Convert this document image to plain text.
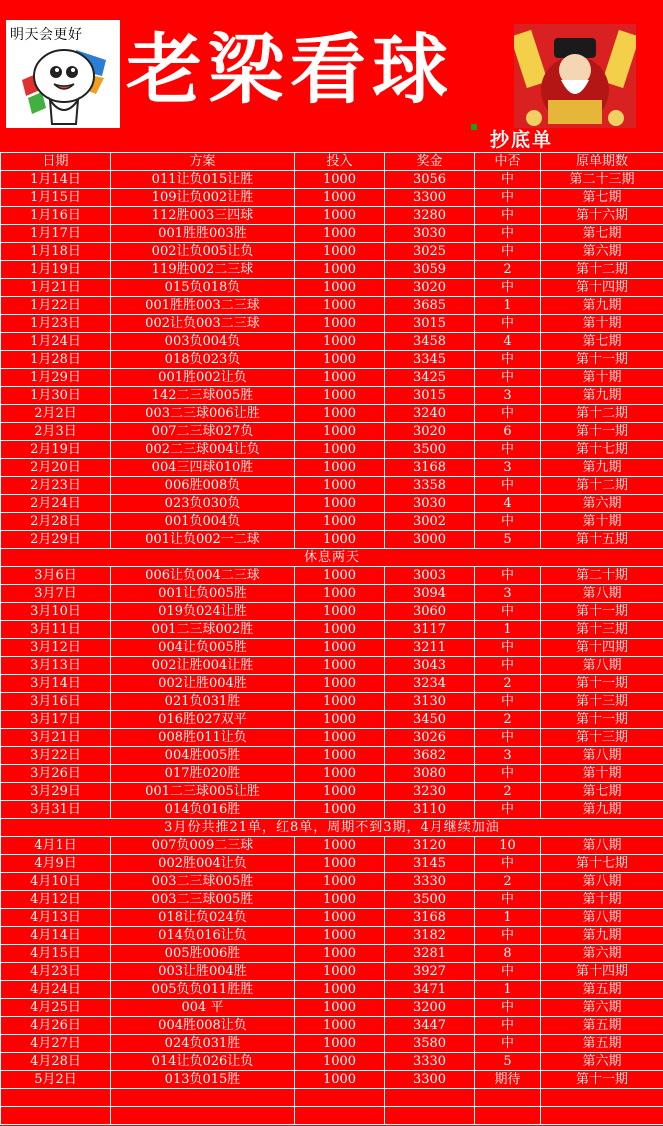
明天会更好 老梁看球
抄底单
日期	方案	投入	奖金	中否	原单期数
1月14日	011让负015让胜	1000	3056	中	第二十三期
1月15日	109让负002让胜	1000	3300	中	第七期
1月16日	112胜003三四球	1000	3280	中	第十六期
1月17日	001胜胜003胜	1000	3030	中	第七期
1月18日	002让负005让负	1000	3025	中	第六期
1月19日	119胜002二三球	1000	3059	2	第十二期
1月21日	015负018负	1000	3020	中	第十四期
1月22日	001胜胜003二三球	1000	3685	1	第九期
1月23日	002让负003二三球	1000	3015	中	第十期
1月24日	003负004负	1000	3458	4	第七期
1月28日	018负023负	1000	3345	中	第十一期
1月29日	001胜002让负	1000	3425	中	第十期
1月30日	142二三球005胜	1000	3015	3	第九期
2月2日	003二三球006让胜	1000	3240	中	第十二期
2月3日	007二三球027负	1000	3020	6	第十一期
2月19日	002二三球004让负	1000	3500	中	第十七期
2月20日	004三四球010胜	1000	3168	3	第九期
2月23日	006胜008负	1000	3358	中	第十二期
2月24日	023负030负	1000	3030	4	第六期
2月28日	001负004负	1000	3002	中	第十期
2月29日	001让负002一二球	1000	3000	5	第十五期
休息两天					
3月6日	006让负004二三球	1000	3003	中	第二十期
3月7日	001让负005胜	1000	3094	3	第八期
3月10日	019负024让胜	1000	3060	中	第十一期
3月11日	001二三球002胜	1000	3117	1	第十三期
3月12日	004让负005胜	1000	3211	中	第十四期
3月13日	002让胜004让胜	1000	3043	中	第八期
3月14日	002让胜004胜	1000	3234	2	第十一期
3月16日	021负031胜	1000	3130	中	第十三期
3月17日	016胜027双平	1000	3450	2	第十一期
3月21日	008胜011让负	1000	3026	中	第十三期
3月22日	004胜005胜	1000	3682	3	第八期
3月26日	017胜020胜	1000	3080	中	第十期
3月29日	001二三球005让胜	1000	3230	2	第七期
3月31日	014负016胜	1000	3110	中	第九期
3月份共推21单，红8单，周期不到3期，4月继续加油					
4月1日	007负009二三球	1000	3120	10	第八期
4月9日	002胜004让负	1000	3145	中	第十七期
4月10日	003二三球005胜	1000	3330	2	第八期
4月12日	003二三球005胜	1000	3500	中	第十期
4月13日	018让负024负	1000	3168	1	第八期
4月14日	014负016让负	1000	3182	中	第九期
4月15日	005胜006胜	1000	3281	8	第六期
4月23日	003让胜004胜	1000	3927	中	第十四期
4月24日	005负负011胜胜	1000	3471	1	第五期
4月25日	004 平	1000	3200	中	第六期
4月26日	004胜008让负	1000	3447	中	第五期
4月27日	024负031胜	1000	3580	中	第五期
4月28日	014让负026让负	1000	3330	5	第六期
5月2日	013负015胜	1000	3300	期待	第十一期
